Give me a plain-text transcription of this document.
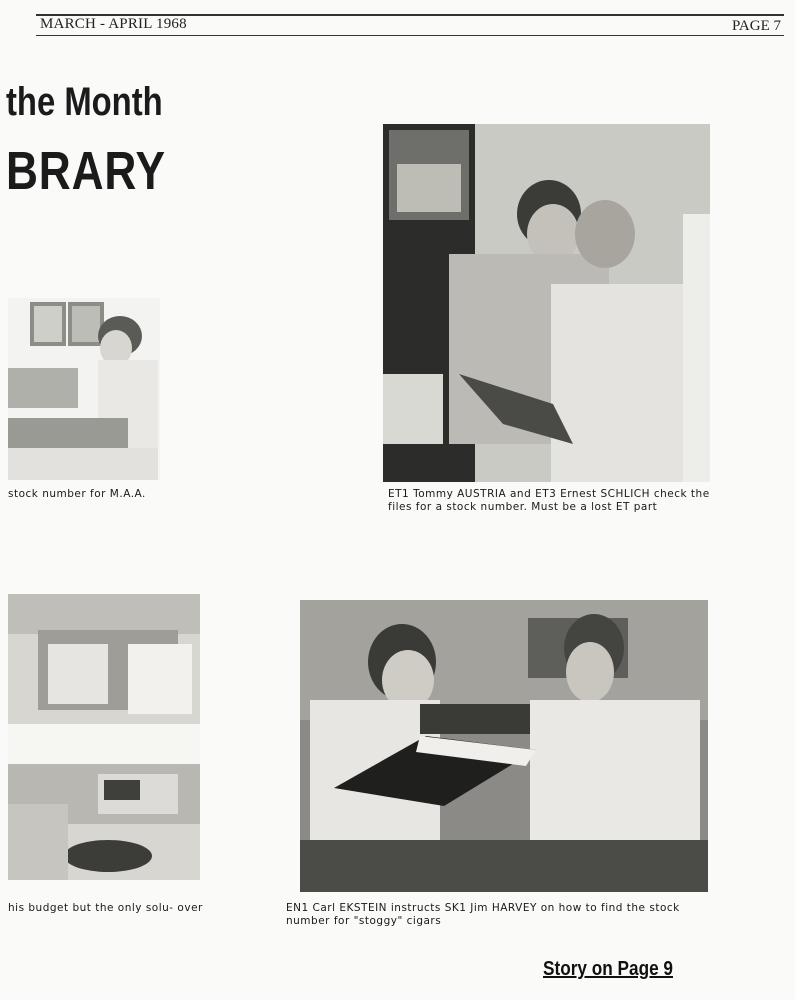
MARCH - APRIL 1968	PAGE 7
the Month
BRARY
stock number for M.A.A.	ET1 Tommy AUSTRIA and ET3 Ernest SCHLICH check the files for a stock number. Must be a lost ET part
his budget but the only solu- over	EN1 Carl EKSTEIN instructs SK1 Jim HARVEY on how to find the stock number for "stoggy" cigars
Story on Page 9
